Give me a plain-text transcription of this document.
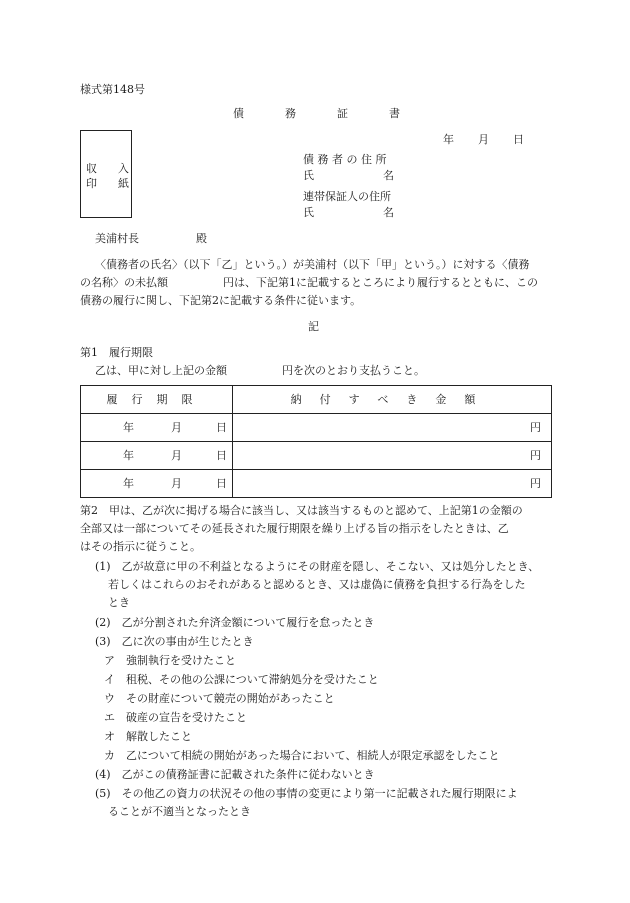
様式第148号
債	務	証	書
年 月 日
収 入
印 紙
債 務 者 の 住 所
氏	名
連帯保証人の住所
氏	名
美浦村長	殿
〈債務者の氏名〉（以下「乙」という。）が美浦村（以下「甲」という。）に対する〈債務
の名称〉の未払額　　　　　円は、下記第1に記載するところにより履行するとともに、この
債務の履行に関し、下記第2に記載する条件に従います。
記
第1　履行期限
乙は、甲に対し上記の金額　　　　　円を次のとおり支払うこと。
履行期限	納付すべき金額

年 月 日	円

年 月 日	円

年 月 日	円
第2　甲は、乙が次に掲げる場合に該当し、又は該当するものと認めて、上記第1の金額の
全部又は一部についてその延長された履行期限を繰り上げる旨の指示をしたときは、乙
はその指示に従うこと。
(1)　乙が故意に甲の不利益となるようにその財産を隠し、そこない、又は処分したとき、
若しくはこれらのおそれがあると認めるとき、又は虚偽に債務を負担する行為をした
とき
(2)　乙が分割された弁済金額について履行を怠ったとき
(3)　乙に次の事由が生じたとき
ア　強制執行を受けたこと
イ　租税、その他の公課について滞納処分を受けたこと
ウ　その財産について競売の開始があったこと
エ　破産の宣告を受けたこと
オ　解散したこと
カ　乙について相続の開始があった場合において、相続人が限定承認をしたこと
(4)　乙がこの債務証書に記載された条件に従わないとき
(5)　その他乙の資力の状況その他の事情の変更により第一に記載された履行期限によ
ることが不適当となったとき
